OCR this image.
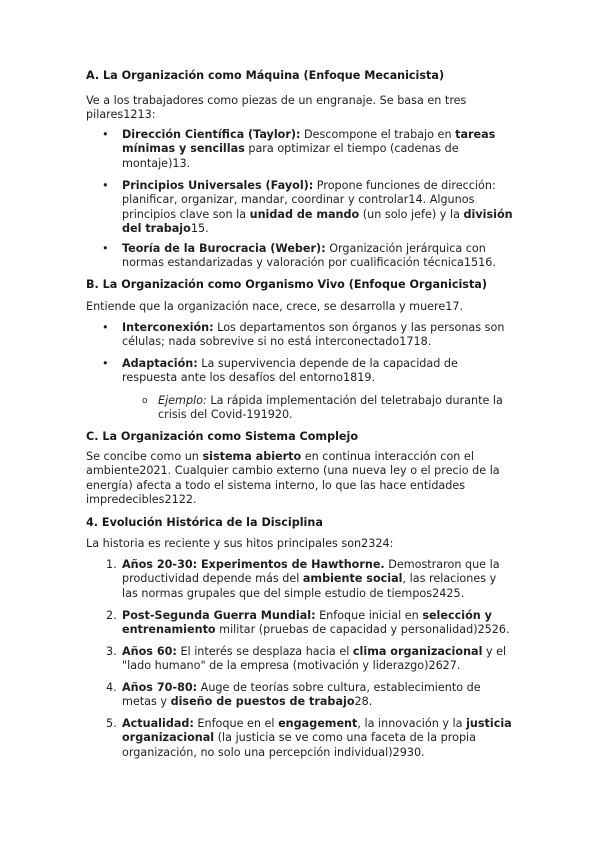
A. La Organización como Máquina (Enfoque Mecanicista)

Ve a los trabajadores como piezas de un engranaje. Se basa en tres pilares1213:

• Dirección Científica (Taylor): Descompone el trabajo en tareas mínimas y sencillas para optimizar el tiempo (cadenas de montaje)13.
• Principios Universales (Fayol): Propone funciones de dirección: planificar, organizar, mandar, coordinar y controlar14. Algunos principios clave son la unidad de mando (un solo jefe) y la división del trabajo15.
• Teoría de la Burocracia (Weber): Organización jerárquica con normas estandarizadas y valoración por cualificación técnica1516.
B. La Organización como Organismo Vivo (Enfoque Organicista)

Entiende que la organización nace, crece, se desarrolla y muere17.

• Interconexión: Los departamentos son órganos y las personas son células; nada sobrevive si no está interconectado1718.
• Adaptación: La supervivencia depende de la capacidad de respuesta ante los desafíos del entorno1819.
o Ejemplo: La rápida implementación del teletrabajo durante la crisis del Covid-191920.
C. La Organización como Sistema Complejo

Se concibe como un sistema abierto en continua interacción con el ambiente2021. Cualquier cambio externo (una nueva ley o el precio de la energía) afecta a todo el sistema interno, lo que las hace entidades impredecibles2122.

4. Evolución Histórica de la Disciplina

La historia es reciente y sus hitos principales son2324:

1. Años 20-30: Experimentos de Hawthorne. Demostraron que la productividad depende más del ambiente social, las relaciones y las normas grupales que del simple estudio de tiempos2425.
2. Post-Segunda Guerra Mundial: Enfoque inicial en selección y entrenamiento militar (pruebas de capacidad y personalidad)2526.
3. Años 60: El interés se desplaza hacia el clima organizacional y el "lado humano" de la empresa (motivación y liderazgo)2627.
4. Años 70-80: Auge de teorías sobre cultura, establecimiento de metas y diseño de puestos de trabajo28.
5. Actualidad: Enfoque en el engagement, la innovación y la justicia organizacional (la justicia se ve como una faceta de la propia organización, no solo una percepción individual)2930.
